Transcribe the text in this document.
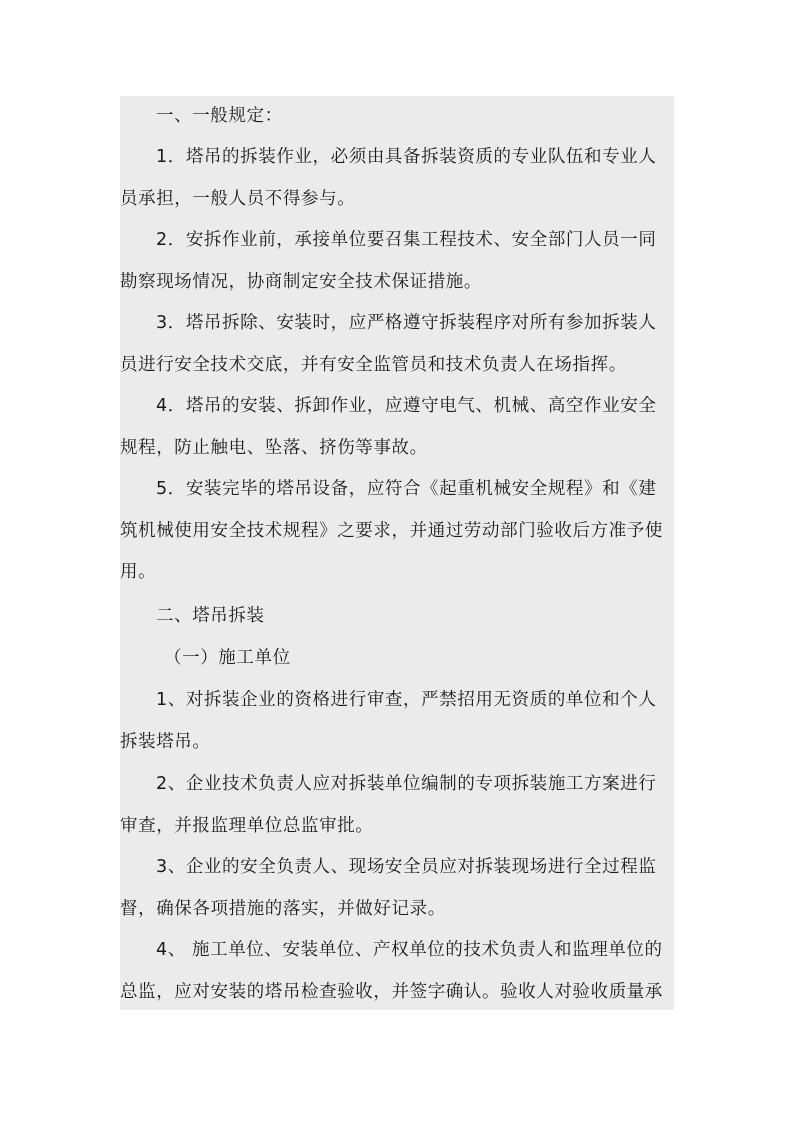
一、一般规定：
1．塔吊的拆装作业，必须由具备拆装资质的专业队伍和专业人
员承担，一般人员不得参与。
2．安拆作业前，承接单位要召集工程技术、安全部门人员一同
勘察现场情况，协商制定安全技术保证措施。
3．塔吊拆除、安装时，应严格遵守拆装程序对所有参加拆装人
员进行安全技术交底，并有安全监管员和技术负责人在场指挥。
4．塔吊的安装、拆卸作业，应遵守电气、机械、高空作业安全
规程，防止触电、坠落、挤伤等事故。
5．安装完毕的塔吊设备，应符合《起重机械安全规程》和《建
筑机械使用安全技术规程》之要求，并通过劳动部门验收后方准予使
用。
二、塔吊拆装
（一）施工单位
1、对拆装企业的资格进行审查，严禁招用无资质的单位和个人
拆装塔吊。
2、企业技术负责人应对拆装单位编制的专项拆装施工方案进行
审查，并报监理单位总监审批。
3、企业的安全负责人、现场安全员应对拆装现场进行全过程监
督，确保各项措施的落实，并做好记录。
4、 施工单位、安装单位、产权单位的技术负责人和监理单位的
总监，应对安装的塔吊检查验收，并签字确认。验收人对验收质量承
